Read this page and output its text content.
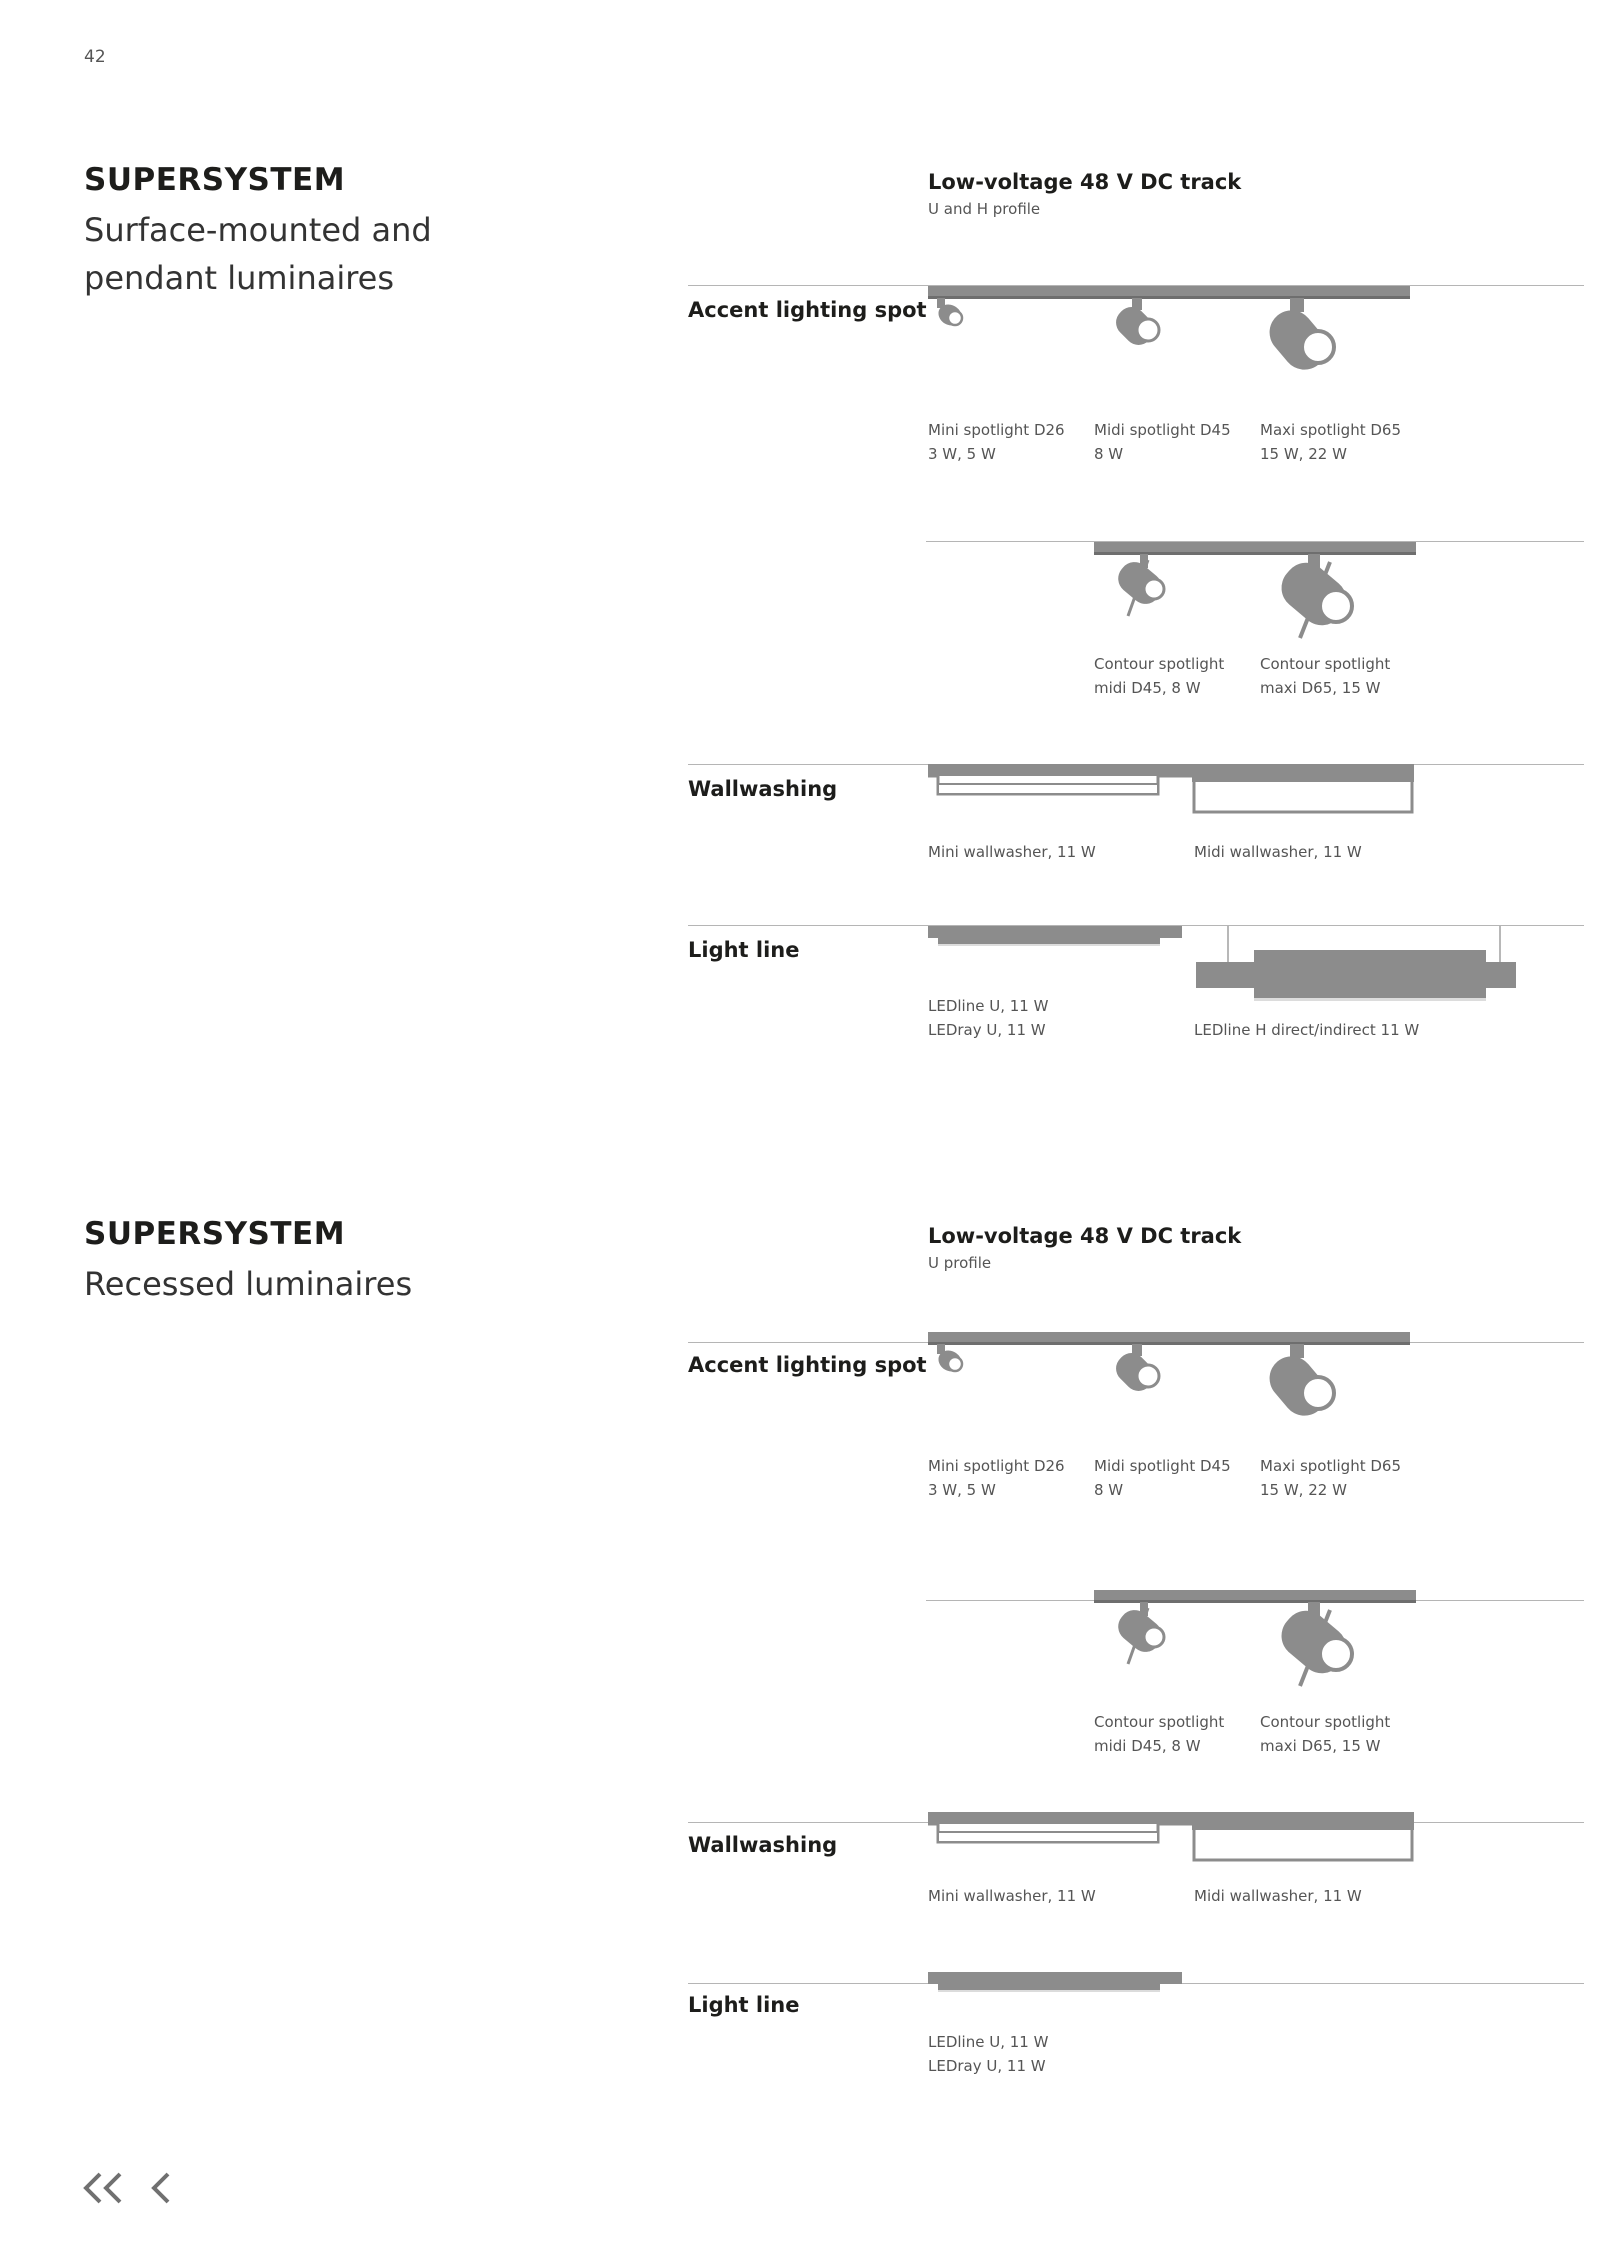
42
SUPERSYSTEM
Surface-mounted and
pendant luminaires
Low-voltage 48 V DC track
U and H profile
Accent lighting spot
Mini spotlight D26
3 W, 5 W
Midi spotlight D45
8 W
Maxi spotlight D65
15 W, 22 W
Contour spotlight
midi D45, 8 W
Contour spotlight
maxi D65, 15 W
Wallwashing
Mini wallwasher, 11 W	Midi wallwasher, 11 W
Light line
LEDline U, 11 W
LEDray U, 11 W	LEDline H direct/indirect 11 W
SUPERSYSTEM
Recessed luminaires
Low-voltage 48 V DC track
U profile
Accent lighting spot
Mini spotlight D26
3 W, 5 W
Midi spotlight D45
8 W
Maxi spotlight D65
15 W, 22 W
Contour spotlight
midi D45, 8 W
Contour spotlight
maxi D65, 15 W
Wallwashing
Mini wallwasher, 11 W	Midi wallwasher, 11 W
Light line
LEDline U, 11 W
LEDray U, 11 W
